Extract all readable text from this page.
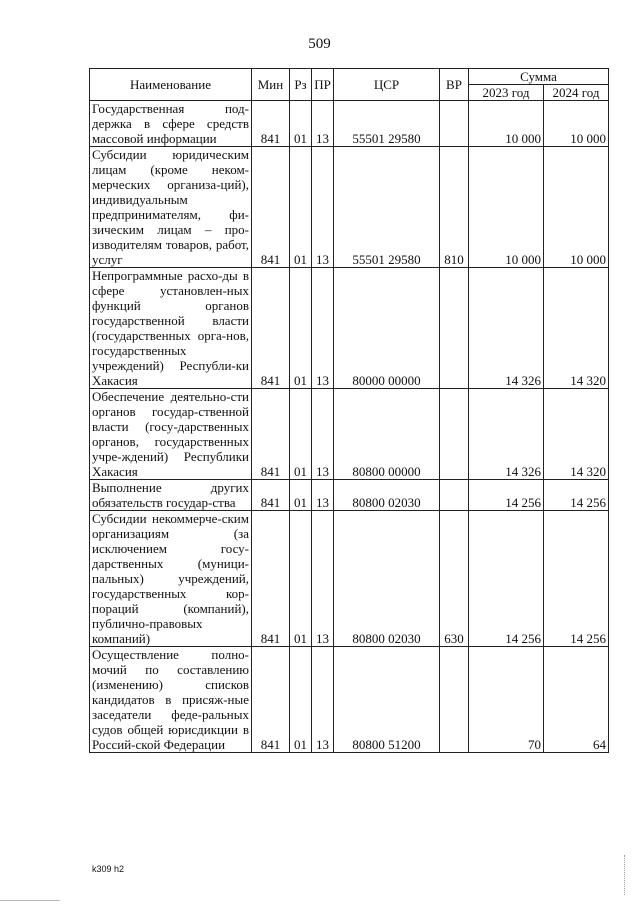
509
Наименование	Мин	Рз	ПР	ЦСР	ВР	Сумма	
						2023 год	2024 год
Государственная под-держка в сфере средств массовой информации	841	01	13	55501 29580		10 000	10 000
Субсидии юридическим лицам (кроме неком-мерческих организа-ций), индивидуальным предпринимателям, фи-зическим лицам – про-изводителям товаров, работ, услуг	841	01	13	55501 29580	810	10 000	10 000
Непрограммные расхо-ды в сфере установлен-ных функций органов государственной власти (государственных орга-нов, государственных учреждений) Республи-ки Хакасия	841	01	13	80000 00000		14 326	14 320
Обеспечение деятельно-сти органов государ-ственной власти (госу-дарственных органов, государственных учре-ждений) Республики Хакасия	841	01	13	80800 00000		14 326	14 320
Выполнение других обязательств государ-ства	841	01	13	80800 02030		14 256	14 256
Субсидии некоммерче-ским организациям (за исключением госу-дарственных (муници-пальных) учреждений, государственных кор-пораций (компаний), публично-правовых компаний)	841	01	13	80800 02030	630	14 256	14 256
Осуществление полно-мочий по составлению (изменению) списков кандидатов в присяж-ные заседатели феде-ральных судов общей юрисдикции в Россий-ской Федерации	841	01	13	80800 51200		70	64
k309 h2
